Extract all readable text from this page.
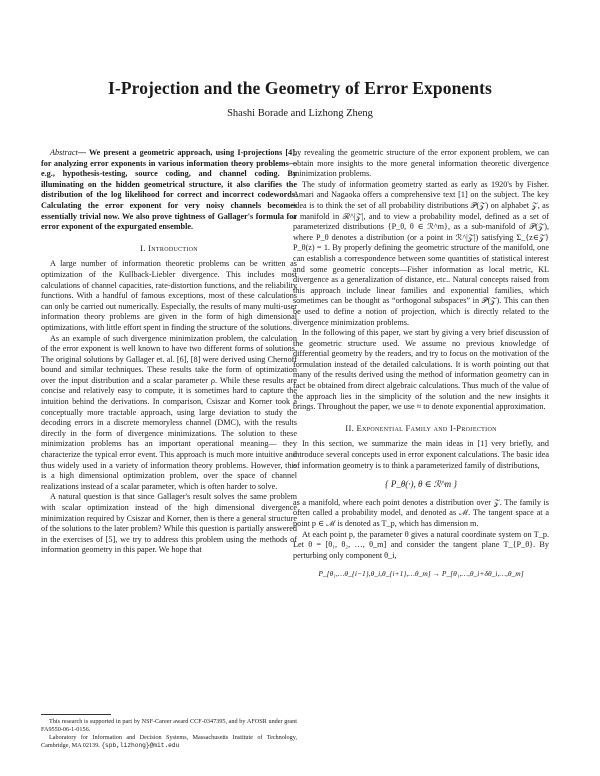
I-Projection and the Geometry of Error Exponents
Shashi Borade and Lizhong Zheng

Abstract— We present a geometric approach, using I-projections [4], for analyzing error exponents in various information theory problems—e.g., hypothesis-testing, source coding, and channel coding. By illuminating on the hidden geometrical structure, it also clarifies the distribution of the log likelihood for correct and incorrect codewords. Calculating the error exponent for very noisy channels becomes essentially trivial now. We also prove tightness of Gallager's formula for error exponent of the expurgated ensemble.

I. Introduction

A large number of information theoretic problems can be written as optimization of the Kullback-Liebler divergence. This includes most calculations of channel capacities, rate-distortion functions, and the reliability functions. With a handful of famous exceptions, most of these calculations can only be carried out numerically. Especially, the results of many multi-user information theory problems are given in the form of high dimensional optimizations, with little effort spent in finding the structure of the solutions.

As an example of such divergence minimization problem, the calculation of the error exponent is well known to have two different forms of solutions. The original solutions by Gallager et. al. [6], [8] were derived using Chernoff bound and similar techniques. These results take the form of optimization over the input distribution and a scalar parameter ρ. While these results are concise and relatively easy to compute, it is sometimes hard to capture the intuition behind the derivations. In comparison, Csiszar and Korner took a conceptually more tractable approach, using large deviation to study the decoding errors in a discrete memoryless channel (DMC), with the results directly in the form of divergence minimizations. The solution to these minimization problems has an important operational meaning— they characterize the typical error event. This approach is much more intuitive and thus widely used in a variety of information theory problems. However, this is a high dimensional optimization problem, over the space of channel realizations instead of a scalar parameter, which is often harder to solve.

A natural question is that since Gallager's result solves the same problem with scalar optimization instead of the high dimensional divergence minimization required by Csiszar and Korner, then is there a general structure of the solutions to the later problem? While this question is partially answered in the exercises of [5], we try to address this problem using the methods of information geometry in this paper. We hope that

by revealing the geometric structure of the error exponent problem, we can obtain more insights to the more general information theoretic divergence minimization problems.

The study of information geometry started as early as 1920's by Fisher. Amari and Nagaoka offers a comprehensive text [1] on the subject. The key idea is to think the set of all probability distributions 𝒫(𝒵) on alphabet 𝒵, as a manifold in ℛ^|𝒵|, and to view a probability model, defined as a set of parameterized distributions {P_θ, θ ∈ ℛ^m}, as a sub-manifold of 𝒫(𝒵), where P_θ denotes a distribution (or a point in ℛ^|𝒵|) satisfying Σ_{z∈𝒵} P_θ(z) = 1. By properly defining the geometric structure of the manifold, one can establish a correspondence between some quantities of statistical interest and some geometric concepts—Fisher information as local metric, KL divergence as a generalization of distance, etc.. Natural concepts raised from this approach include linear families and exponential families, which sometimes can be thought as “orthogonal subspaces” in 𝒫(𝒵). This can then be used to define a notion of projection, which is directly related to the divergence minimization problems.

In the following of this paper, we start by giving a very brief discussion of the geometric structure used. We assume no previous knowledge of differential geometry by the readers, and try to focus on the motivation of the formulation instead of the detailed calculations. It is worth pointing out that many of the results derived using the method of information geometry can in fact be obtained from direct algebraic calculations. Thus much of the value of the approach lies in the simplicity of the solution and the new insights it brings. Throughout the paper, we use ≈ to denote exponential approximation.

II. Exponential Family and I-Projection

In this section, we summarize the main ideas in [1] very briefly, and introduce several concepts used in error exponent calculations. The basic idea of information geometry is to think a parameterized family of distributions,

{ P_θ(·), θ ∈ ℛ^m }

as a manifold, where each point denotes a distribution over 𝒵. The family is often called a probability model, and denoted as ℳ. The tangent space at a point p ∈ ℳ is denoted as T_p, which has dimension m.

At each point p, the parameter θ gives a natural coordinate system on T_p. Let θ = [θ₁, θ₂, …, θ_m] and consider the tangent plane T_{P_θ}. By perturbing only component θ_i,

P_[θ₁,…θ_{i−1},θ_i,θ_{i+1},…θ_m] → P_[θ₁,…,θ_i+δθ_i,…,θ_m]

This research is supported in part by NSF-Career award CCF-0347395, and by AFOSR under grant FA9550-06-1-0156.

Laboratory for Information and Decision Systems, Massachusetts Institute of Technology, Cambridge, MA 02139. {spb,lizhong}@mit.edu
